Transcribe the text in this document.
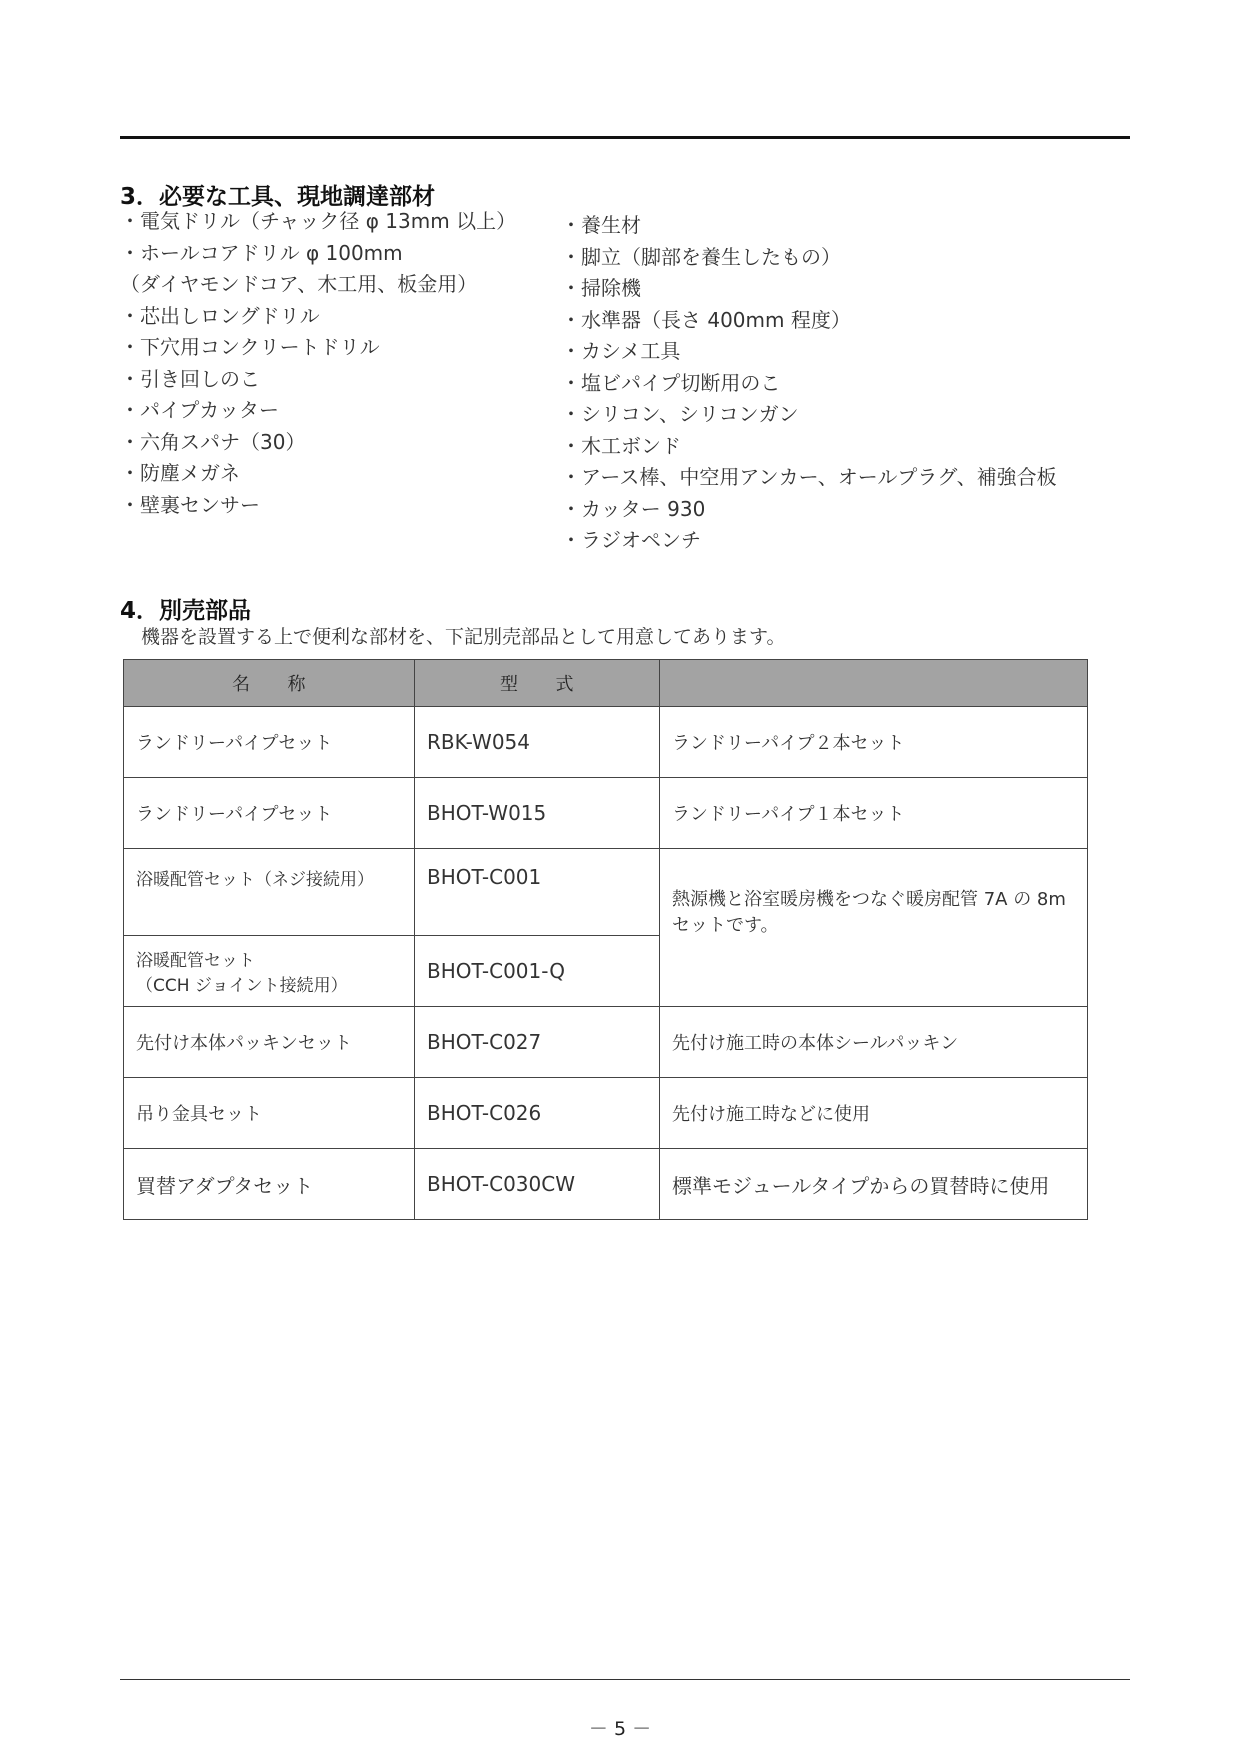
3．必要な工具、現地調達部材
・電気ドリル（チャック径 φ 13mm 以上）
・ホールコアドリル φ 100mm
（ダイヤモンドコア、木工用、板金用）
・芯出しロングドリル
・下穴用コンクリートドリル
・引き回しのこ
・パイプカッター
・六角スパナ（30）
・防塵メガネ
・壁裏センサー
・養生材
・脚立（脚部を養生したもの）
・掃除機
・水準器（長さ 400mm 程度）
・カシメ工具
・塩ビパイプ切断用のこ
・シリコン、シリコンガン
・木工ボンド
・アース棒、中空用アンカー、オールプラグ、補強合板
・カッター 930
・ラジオペンチ
4．別売部品

機器を設置する上で便利な部材を、下記別売部品として用意してあります。

名　　称	型　　式	
ランドリーパイプセット	RBK-W054	ランドリーパイプ２本セット
ランドリーパイプセット	BHOT-W015	ランドリーパイプ１本セット
浴暖配管セット（ネジ接続用）	BHOT-C001	熱源機と浴室暖房機をつなぐ暖房配管 7A の 8m セットです。
浴暖配管セット
（CCH ジョイント接続用）	BHOT-C001-Q	
先付け本体パッキンセット	BHOT-C027	先付け施工時の本体シールパッキン
吊り金具セット	BHOT-C026	先付け施工時などに使用
買替アダプタセット	BHOT-C030CW	標準モジュールタイプからの買替時に使用

－ 5 －
